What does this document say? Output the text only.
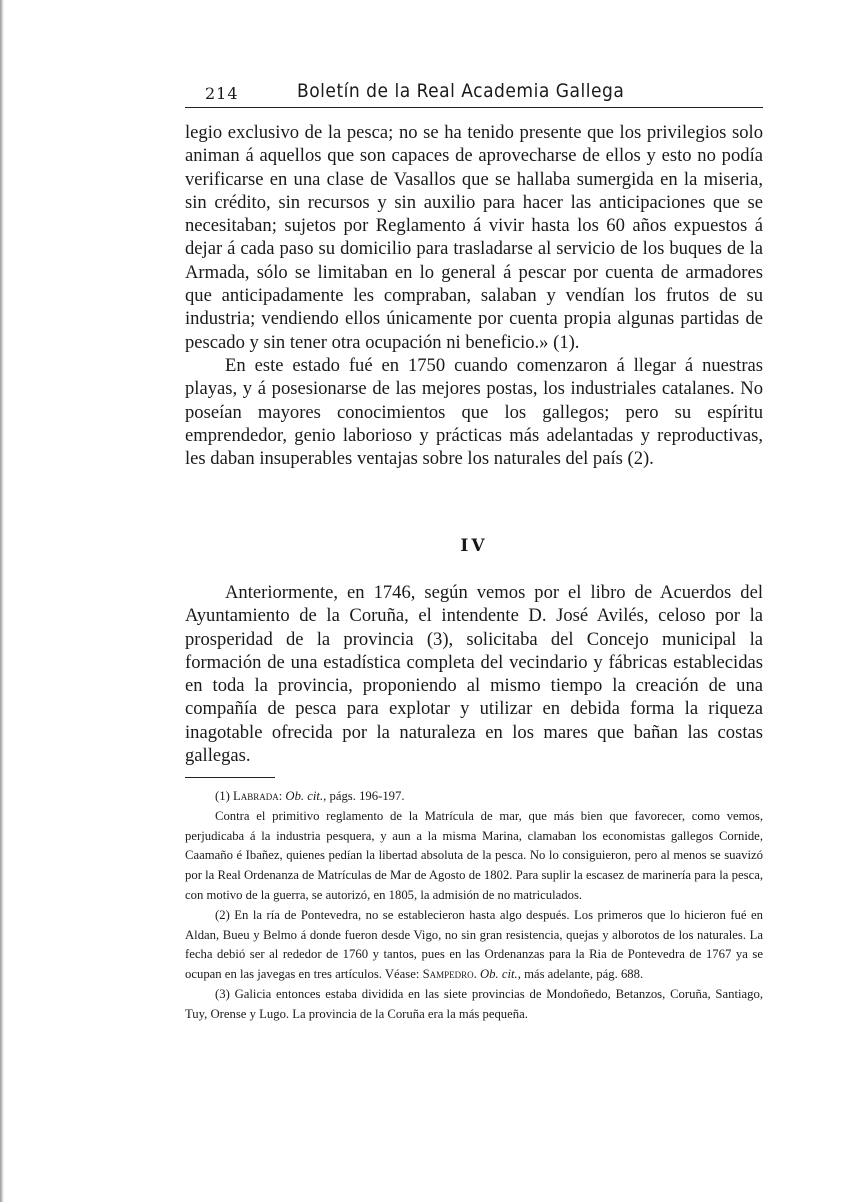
214	Boletín de la Real Academia Gallega

legio exclusivo de la pesca; no se ha tenido presente que los privilegios solo animan á aquellos que son capaces de aprovecharse de ellos y esto no podía verificarse en una clase de Vasallos que se hallaba sumergida en la miseria, sin crédito, sin recursos y sin auxilio para hacer las anticipaciones que se necesitaban; sujetos por Reglamento á vivir hasta los 60 años expuestos á dejar á cada paso su domicilio para trasladarse al servicio de los buques de la Armada, sólo se limitaban en lo general á pescar por cuenta de armadores que anticipadamente les compraban, salaban y vendían los frutos de su industria; vendiendo ellos únicamente por cuenta propia algunas partidas de pescado y sin tener otra ocupación ni beneficio.» (1).

En este estado fué en 1750 cuando comenzaron á llegar á nuestras playas, y á posesionarse de las mejores postas, los industriales catalanes. No poseían mayores conocimientos que los gallegos; pero su espíritu emprendedor, genio laborioso y prácticas más adelantadas y reproductivas, les daban insuperables ventajas sobre los naturales del país (2).

IV

Anteriormente, en 1746, según vemos por el libro de Acuerdos del Ayuntamiento de la Coruña, el intendente D. José Avilés, celoso por la prosperidad de la provincia (3), solicitaba del Concejo municipal la formación de una estadística completa del vecindario y fábricas establecidas en toda la provincia, proponiendo al mismo tiempo la creación de una compañía de pesca para explotar y utilizar en debida forma la riqueza inagotable ofrecida por la naturaleza en los mares que bañan las costas gallegas.

(1) Labrada: Ob. cit., págs. 196-197.

Contra el primitivo reglamento de la Matrícula de mar, que más bien que favorecer, como vemos, perjudicaba á la industria pesquera, y aun a la misma Marina, clamaban los economistas gallegos Cornide, Caamaño é Ibañez, quienes pedían la libertad absoluta de la pesca. No lo consiguieron, pero al menos se suavizó por la Real Ordenanza de Matrículas de Mar de Agosto de 1802. Para suplir la escasez de marinería para la pesca, con motivo de la guerra, se autorizó, en 1805, la admisión de no matriculados.

(2) En la ría de Pontevedra, no se establecieron hasta algo después. Los primeros que lo hicieron fué en Aldan, Bueu y Belmo á donde fueron desde Vigo, no sin gran resistencia, quejas y alborotos de los naturales. La fecha debió ser al rededor de 1760 y tantos, pues en las Ordenanzas para la Ria de Pontevedra de 1767 ya se ocupan en las javegas en tres artículos. Véase: Sampedro. Ob. cit., más adelante, pág. 688.

(3) Galicia entonces estaba dividida en las siete provincias de Mondoñedo, Betanzos, Coruña, Santiago, Tuy, Orense y Lugo. La provincia de la Coruña era la más pequeña.
